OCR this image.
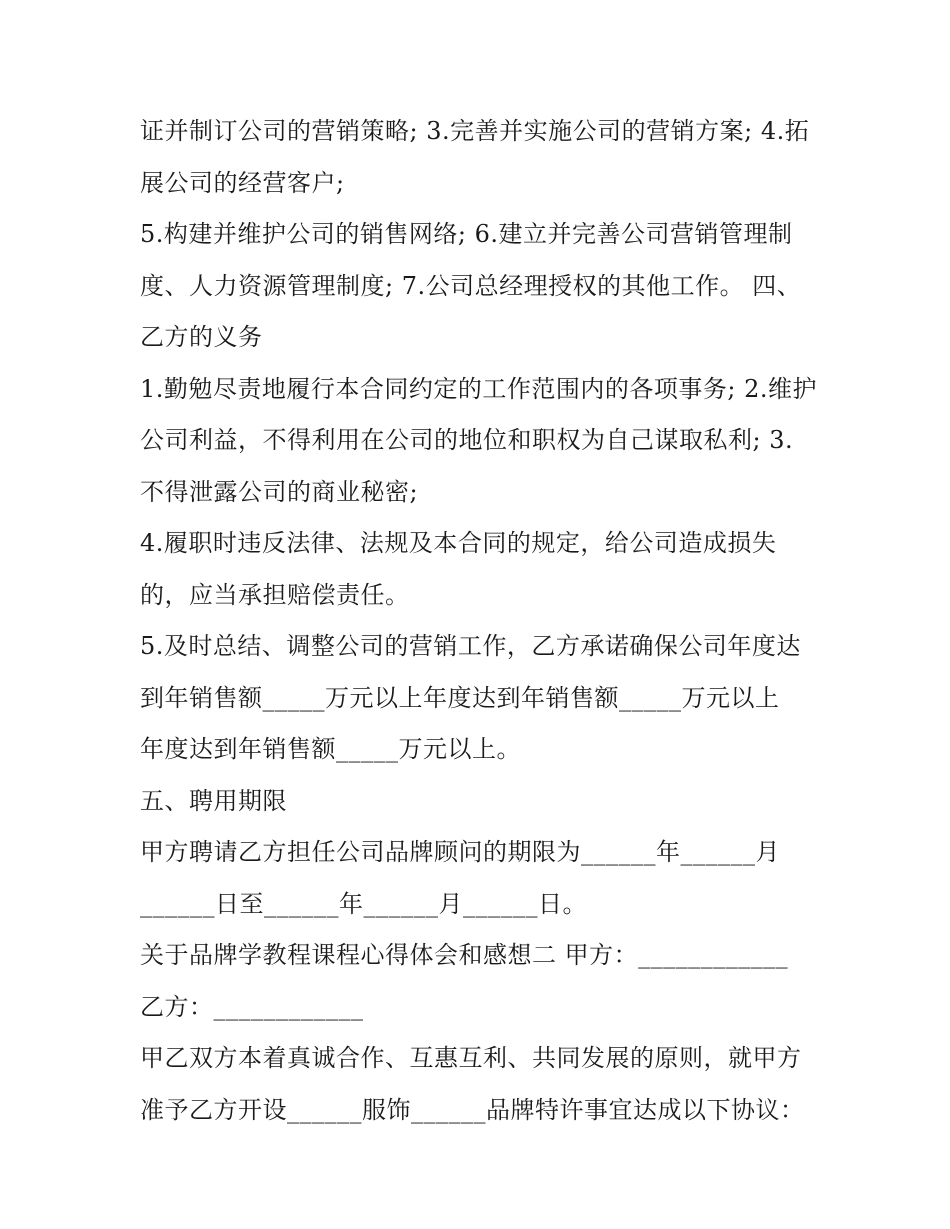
证并制订公司的营销策略; 3.完善并实施公司的营销方案; 4.拓
展公司的经营客户;
5.构建并维护公司的销售网络; 6.建立并完善公司营销管理制
度、人力资源管理制度; 7.公司总经理授权的其他工作。 四、
乙方的义务
1.勤勉尽责地履行本合同约定的工作范围内的各项事务; 2.维护
公司利益，不得利用在公司的地位和职权为自己谋取私利; 3.
不得泄露公司的商业秘密;
4.履职时违反法律、法规及本合同的规定，给公司造成损失
的，应当承担赔偿责任。
5.及时总结、调整公司的营销工作，乙方承诺确保公司年度达
到年销售额_____万元以上年度达到年销售额_____万元以上
年度达到年销售额_____万元以上。
五、聘用期限
甲方聘请乙方担任公司品牌顾问的期限为______年______月
______日至______年______月______日。
关于品牌学教程课程心得体会和感想二 甲方：____________
乙方：____________
甲乙双方本着真诚合作、互惠互利、共同发展的原则，就甲方
准予乙方开设______服饰______品牌特许事宜达成以下协议：
